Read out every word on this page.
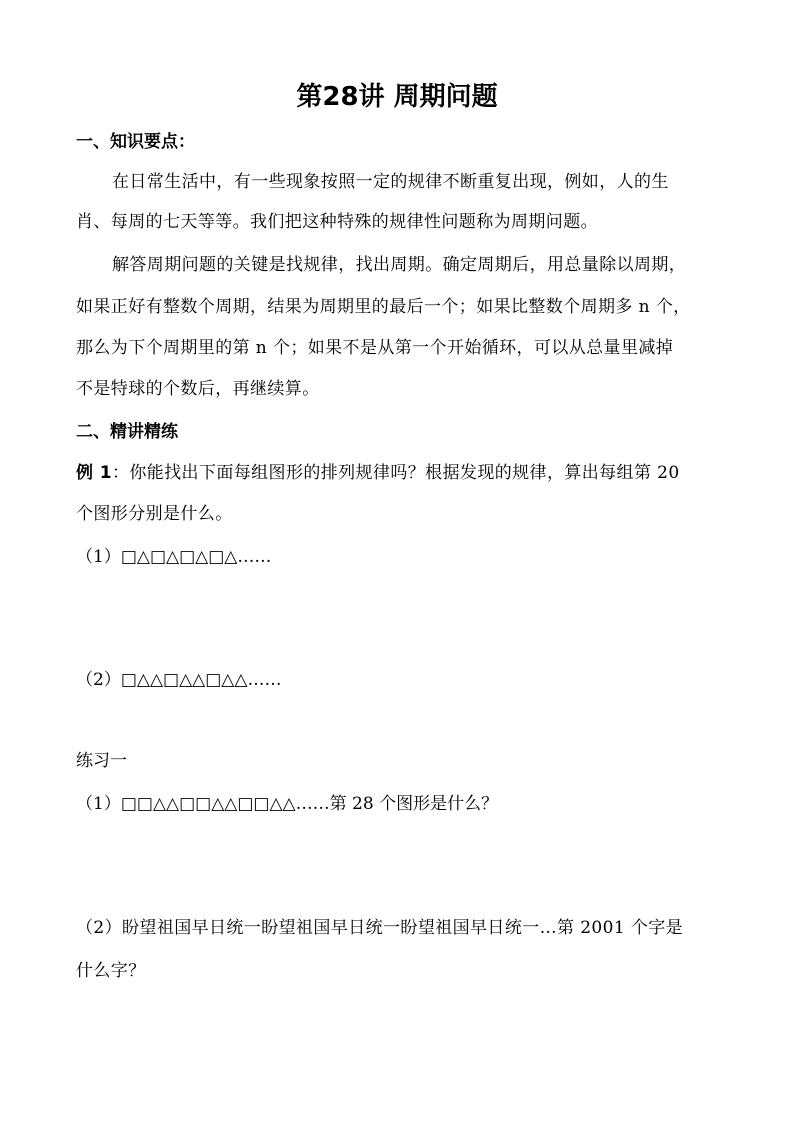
第28讲 周期问题
一、知识要点：
在日常生活中，有一些现象按照一定的规律不断重复出现，例如，人的生
肖、每周的七天等等。我们把这种特殊的规律性问题称为周期问题。
解答周期问题的关键是找规律，找出周期。确定周期后，用总量除以周期，
如果正好有整数个周期，结果为周期里的最后一个；如果比整数个周期多 n 个，
那么为下个周期里的第 n 个；如果不是从第一个开始循环，可以从总量里减掉
不是特球的个数后，再继续算。
二、精讲精练
例 1：你能找出下面每组图形的排列规律吗？根据发现的规律，算出每组第 20
个图形分别是什么。
（1）□△□△□△□△……
（2）□△△□△△□△△……
练习一
（1）□□△△□□△△□□△△……第 28 个图形是什么？
（2）盼望祖国早日统一盼望祖国早日统一盼望祖国早日统一…第 2001 个字是
什么字？
